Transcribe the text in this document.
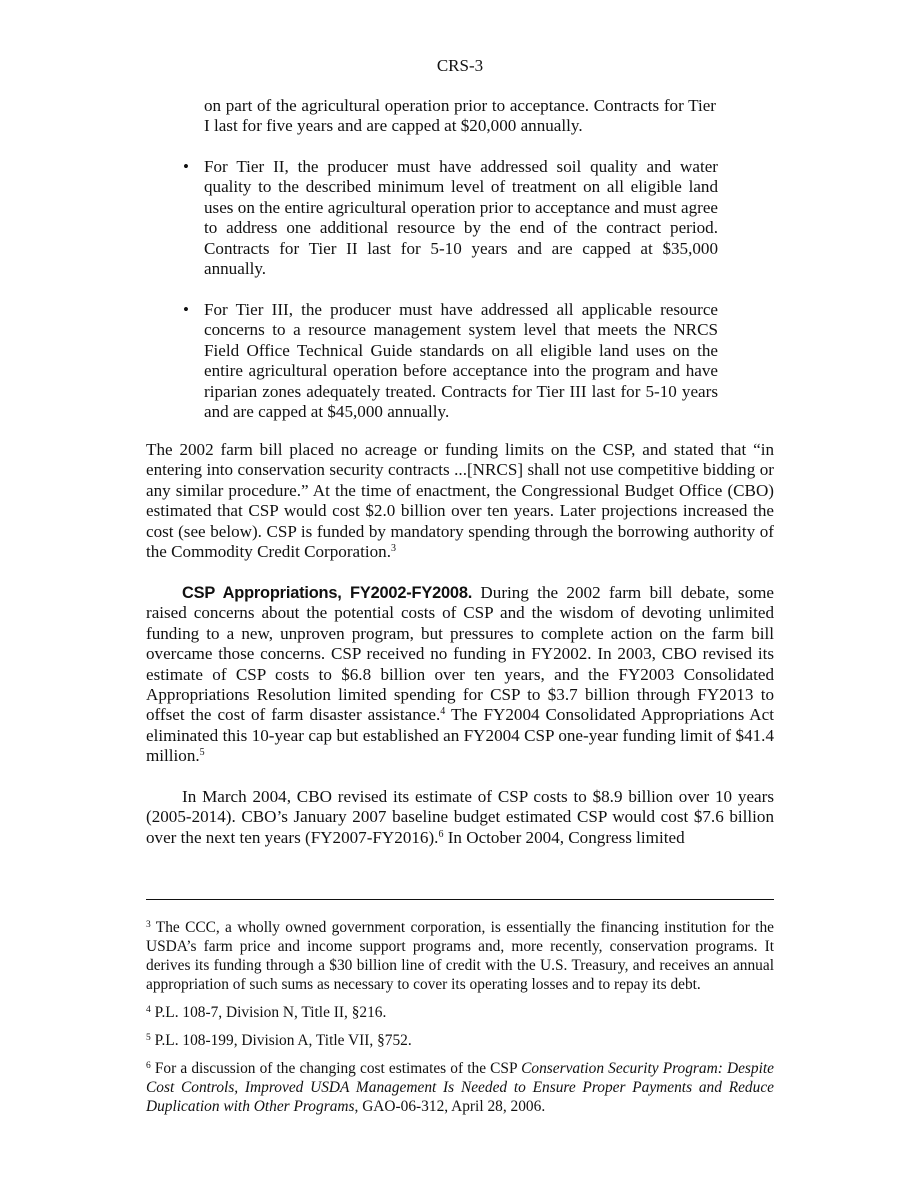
CRS-3

on part of the agricultural operation prior to acceptance. Contracts for Tier I last for five years and are capped at $20,000 annually.

• For Tier II, the producer must have addressed soil quality and water quality to the described minimum level of treatment on all eligible land uses on the entire agricultural operation prior to acceptance and must agree to address one additional resource by the end of the contract period. Contracts for Tier II last for 5-10 years and are capped at $35,000 annually.
• For Tier III, the producer must have addressed all applicable resource concerns to a resource management system level that meets the NRCS Field Office Technical Guide standards on all eligible land uses on the entire agricultural operation before acceptance into the program and have riparian zones adequately treated. Contracts for Tier III last for 5-10 years and are capped at $45,000 annually.

The 2002 farm bill placed no acreage or funding limits on the CSP, and stated that “in entering into conservation security contracts ...[NRCS] shall not use competitive bidding or any similar procedure.” At the time of enactment, the Congressional Budget Office (CBO) estimated that CSP would cost $2.0 billion over ten years. Later projections increased the cost (see below). CSP is funded by mandatory spending through the borrowing authority of the Commodity Credit Corporation.$^3$

CSP Appropriations, FY2002-FY2008. During the 2002 farm bill debate, some raised concerns about the potential costs of CSP and the wisdom of devoting unlimited funding to a new, unproven program, but pressures to complete action on the farm bill overcame those concerns. CSP received no funding in FY2002. In 2003, CBO revised its estimate of CSP costs to $6.8 billion over ten years, and the FY2003 Consolidated Appropriations Resolution limited spending for CSP to $3.7 billion through FY2013 to offset the cost of farm disaster assistance.$^4$ The FY2004 Consolidated Appropriations Act eliminated this 10-year cap but established an FY2004 CSP one-year funding limit of $41.4 million.$^5$

In March 2004, CBO revised its estimate of CSP costs to $8.9 billion over 10 years (2005-2014). CBO’s January 2007 baseline budget estimated CSP would cost $7.6 billion over the next ten years (FY2007-FY2016).$^6$ In October 2004, Congress limited

$^3$ The CCC, a wholly owned government corporation, is essentially the financing institution for the USDA’s farm price and income support programs and, more recently, conservation programs. It derives its funding through a $30 billion line of credit with the U.S. Treasury, and receives an annual appropriation of such sums as necessary to cover its operating losses and to repay its debt.

$^4$ P.L. 108-7, Division N, Title II, §216.

$^5$ P.L. 108-199, Division A, Title VII, §752.

$^6$ For a discussion of the changing cost estimates of the CSP Conservation Security Program: Despite Cost Controls, Improved USDA Management Is Needed to Ensure Proper Payments and Reduce Duplication with Other Programs, GAO-06-312, April 28, 2006.
